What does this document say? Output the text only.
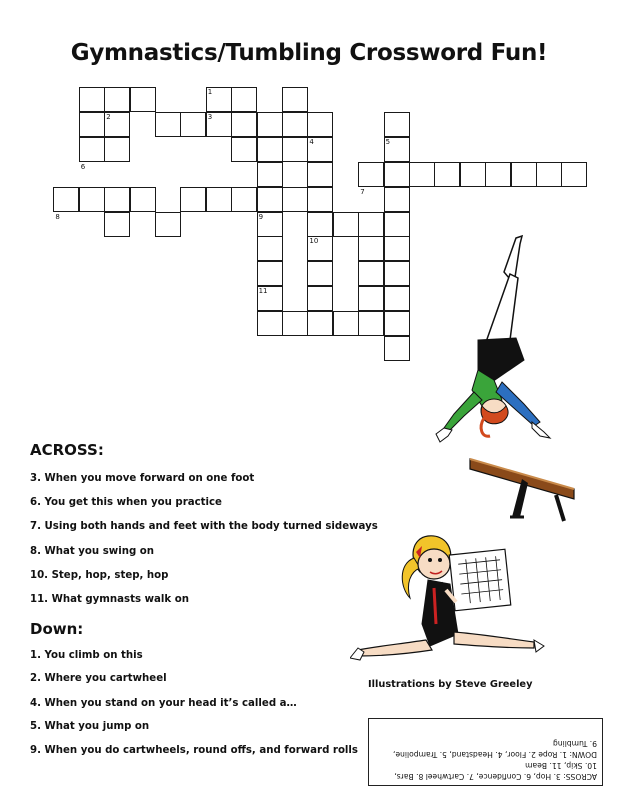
Gymnastics/Tumbling Crossword Fun!
1
2	3
4	5
6
7
8	9
10
11
ACROSS:
3. When you move forward on one foot
6. You get this when you practice
7. Using both hands and feet with the body turned sideways
8. What you swing on
10. Step, hop, step, hop
11. What gymnasts walk on
Down:
1. You climb on this
2. Where you cartwheel
4. When you stand on your head it’s called a…
5. What you jump on
9. When you do cartwheels, round offs, and forward rolls
Illustrations by Steve Greeley
ACROSS: 3. Hop, 6. Confidence, 7. Cartwheel 8. Bars,
10. Skip, 11. Beam
DOWN: 1. Rope 2. Floor, 4. Headstand, 5. Trampoline,
9. Tumbling
